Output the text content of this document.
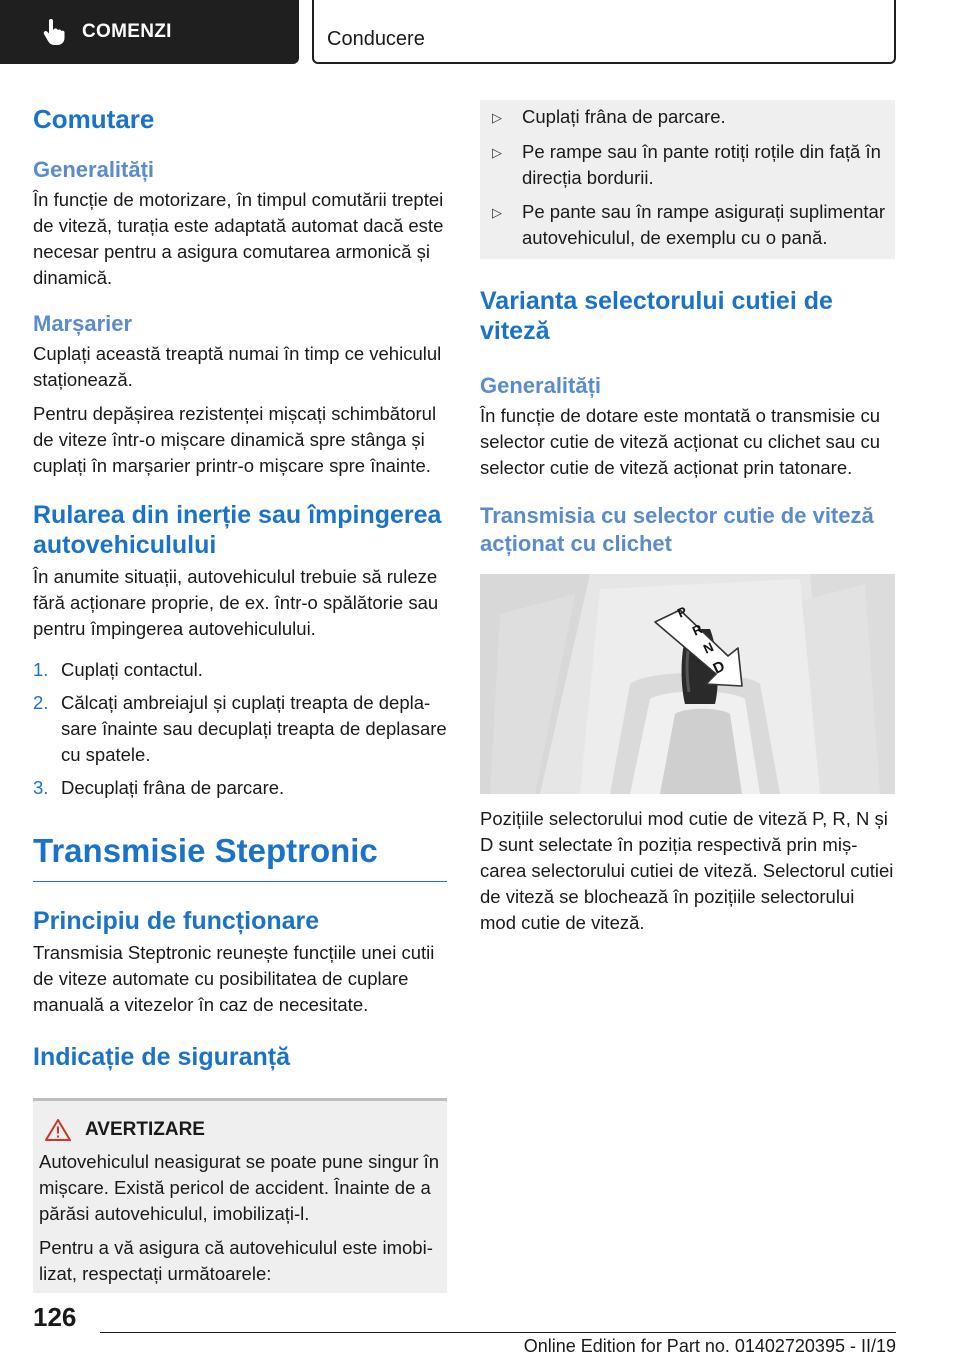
COMENZI	Conducere
Comutare
Generalități
În funcție de motorizare, în timpul comutării treptei de viteză, turația este adaptată automat dacă este necesar pentru a asigura comutarea armonică și dinamică.
Marșarier
Cuplați această treaptă numai în timp ce vehiculul staționează.
Pentru depășirea rezistenței mișcați schimbătorul de viteze într-o mișcare dinamică spre stânga și cuplați în marșarier printr-o mișcare spre înainte.
Rularea din inerție sau împingerea autovehiculului
În anumite situații, autovehiculul trebuie să ruleze fără acționare proprie, de ex. într-o spălătorie sau pentru împingerea autovehiculului.
1. Cuplați contactul.
2. Călcați ambreiajul și cuplați treapta de deplasare înainte sau decuplați treapta de deplasare cu spatele.
3. Decuplați frâna de parcare.
Transmisie Steptronic
Principiu de funcționare
Transmisia Steptronic reunește funcțiile unei cutii de viteze automate cu posibilitatea de cuplare manuală a vitezelor în caz de necesitate.
Indicație de siguranță
AVERTIZARE
Autovehiculul neasigurat se poate pune singur în mișcare. Există pericol de accident. Înainte de a părăsi autovehiculul, imobilizați-l.
Pentru a vă asigura că autovehiculul este imobilizat, respectați următoarele:
▷	Cuplați frâna de parcare.
▷	Pe rampe sau în pante rotiți roțile din față în direcția bordurii.
▷	Pe pante sau în rampe asigurați suplimentar autovehiculul, de exemplu cu o pană.
Varianta selectorului cutiei de viteză
Generalități
În funcție de dotare este montată o transmisie cu selector cutie de viteză acționat cu clichet sau cu selector cutie de viteză acționat prin tatonare.
Transmisia cu selector cutie de viteză acționat cu clichet
P
R
N
D
Pozițiile selectorului mod cutie de viteză P, R, N și D sunt selectate în poziția respectivă prin mișcarea selectorului cutiei de viteză. Selectorul cutiei de viteză se blochează în pozițiile selectorului mod cutie de viteză.
126
Online Edition for Part no. 01402720395 - II/19
